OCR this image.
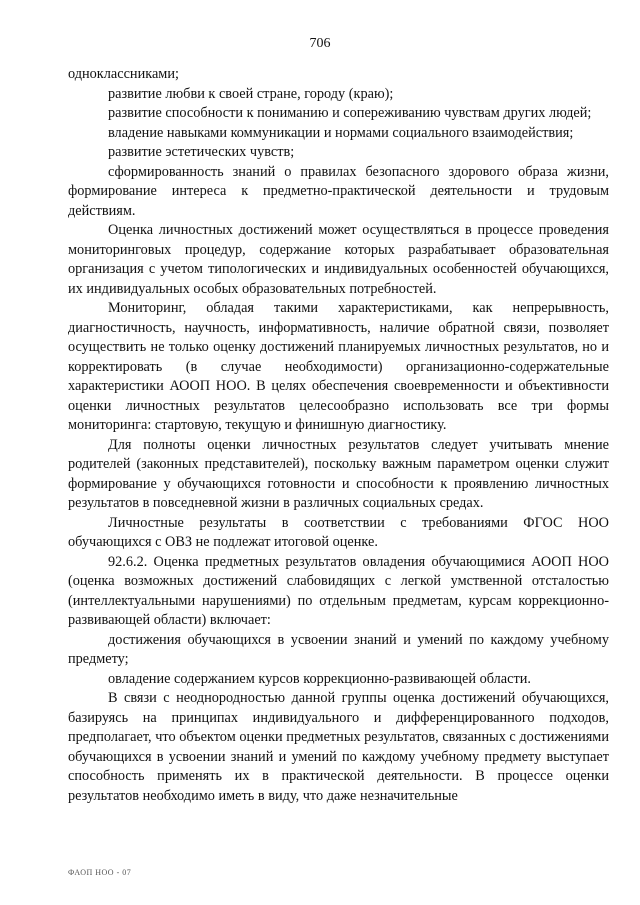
706

одноклассниками;

развитие любви к своей стране, городу (краю);

развитие способности к пониманию и сопереживанию чувствам других людей;

владение навыками коммуникации и нормами социального взаимодействия;

развитие эстетических чувств;

сформированность знаний о правилах безопасного здорового образа жизни, формирование интереса к предметно-практической деятельности и трудовым действиям.

Оценка личностных достижений может осуществляться в процессе проведения мониторинговых процедур, содержание которых разрабатывает образовательная организация с учетом типологических и индивидуальных особенностей обучающихся, их индивидуальных особых образовательных потребностей.

Мониторинг, обладая такими характеристиками, как непрерывность, диагностичность, научность, информативность, наличие обратной связи, позволяет осуществить не только оценку достижений планируемых личностных результатов, но и корректировать (в случае необходимости) организационно-содержательные характеристики АООП НОО. В целях обеспечения своевременности и объективности оценки личностных результатов целесообразно использовать все три формы мониторинга: стартовую, текущую и финишную диагностику.

Для полноты оценки личностных результатов следует учитывать мнение родителей (законных представителей), поскольку важным параметром оценки служит формирование у обучающихся готовности и способности к проявлению личностных результатов в повседневной жизни в различных социальных средах.

Личностные результаты в соответствии с требованиями ФГОС НОО обучающихся с ОВЗ не подлежат итоговой оценке.

92.6.2. Оценка предметных результатов овладения обучающимися АООП НОО (оценка возможных достижений слабовидящих с легкой умственной отсталостью (интеллектуальными нарушениями) по отдельным предметам, курсам коррекционно-развивающей области) включает:

достижения обучающихся в усвоении знаний и умений по каждому учебному предмету;

овладение содержанием курсов коррекционно-развивающей области.

В связи с неоднородностью данной группы оценка достижений обучающихся, базируясь на принципах индивидуального и дифференцированного подходов, предполагает, что объектом оценки предметных результатов, связанных с достижениями обучающихся в усвоении знаний и умений по каждому учебному предмету выступает способность применять их в практической деятельности. В процессе оценки результатов необходимо иметь в виду, что даже незначительные

ФАОП НОО - 07
